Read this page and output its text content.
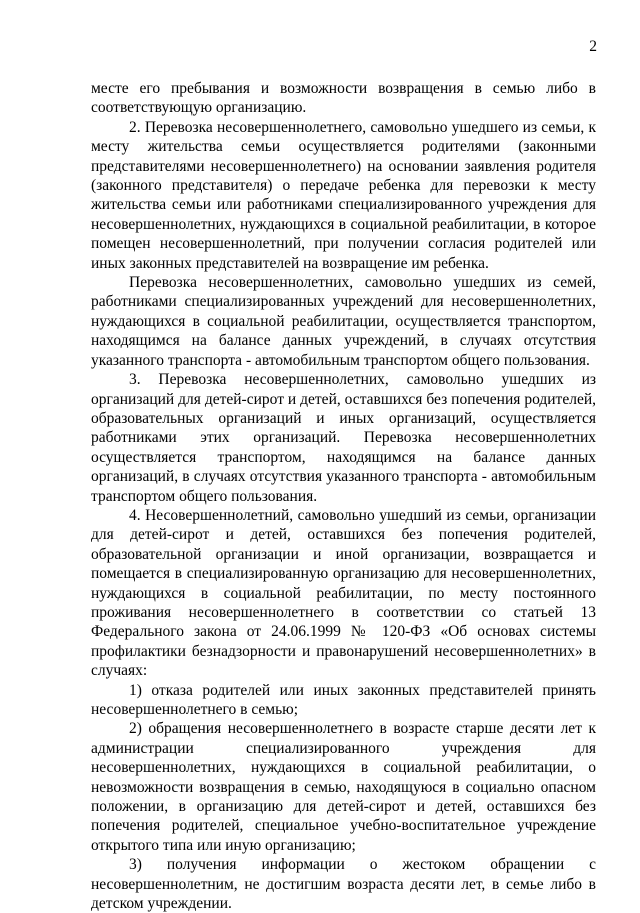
2

месте его пребывания и возможности возвращения в семью либо в соответствующую организацию.

2. Перевозка несовершеннолетнего, самовольно ушедшего из семьи, к месту жительства семьи осуществляется родителями (законными представителями несовершеннолетнего) на основании заявления родителя (законного представителя) о передаче ребенка для перевозки к месту жительства семьи или работниками специализированного учреждения для несовершеннолетних, нуждающихся в социальной реабилитации, в которое помещен несовершеннолетний, при получении согласия родителей или иных законных представителей на возвращение им ребенка.

Перевозка несовершеннолетних, самовольно ушедших из семей, работниками специализированных учреждений для несовершеннолетних, нуждающихся в социальной реабилитации, осуществляется транспортом, находящимся на балансе данных учреждений, в случаях отсутствия указанного транспорта - автомобильным транспортом общего пользования.

3. Перевозка несовершеннолетних, самовольно ушедших из организаций для детей-сирот и детей, оставшихся без попечения родителей, образовательных организаций и иных организаций, осуществляется работниками этих организаций. Перевозка несовершеннолетних осуществляется транспортом, находящимся на балансе данных организаций, в случаях отсутствия указанного транспорта - автомобильным транспортом общего пользования.

4. Несовершеннолетний, самовольно ушедший из семьи, организации для детей-сирот и детей, оставшихся без попечения родителей, образовательной организации и иной организации, возвращается и помещается в специализированную организацию для несовершеннолетних, нуждающихся в социальной реабилитации, по месту постоянного проживания несовершеннолетнего в соответствии со статьей 13 Федерального закона от 24.06.1999 № 120-ФЗ «Об основах системы профилактики безнадзорности и правонарушений несовершеннолетних» в случаях:

1) отказа родителей или иных законных представителей принять несовершеннолетнего в семью;

2) обращения несовершеннолетнего в возрасте старше десяти лет к администрации специализированного учреждения для несовершеннолетних, нуждающихся в социальной реабилитации, о невозможности возвращения в семью, находящуюся в социально опасном положении, в организацию для детей-сирот и детей, оставшихся без попечения родителей, специальное учебно-воспитательное учреждение открытого типа или иную организацию;

3) получения информации о жестоком обращении с несовершеннолетним, не достигшим возраста десяти лет, в семье либо в детском учреждении.
